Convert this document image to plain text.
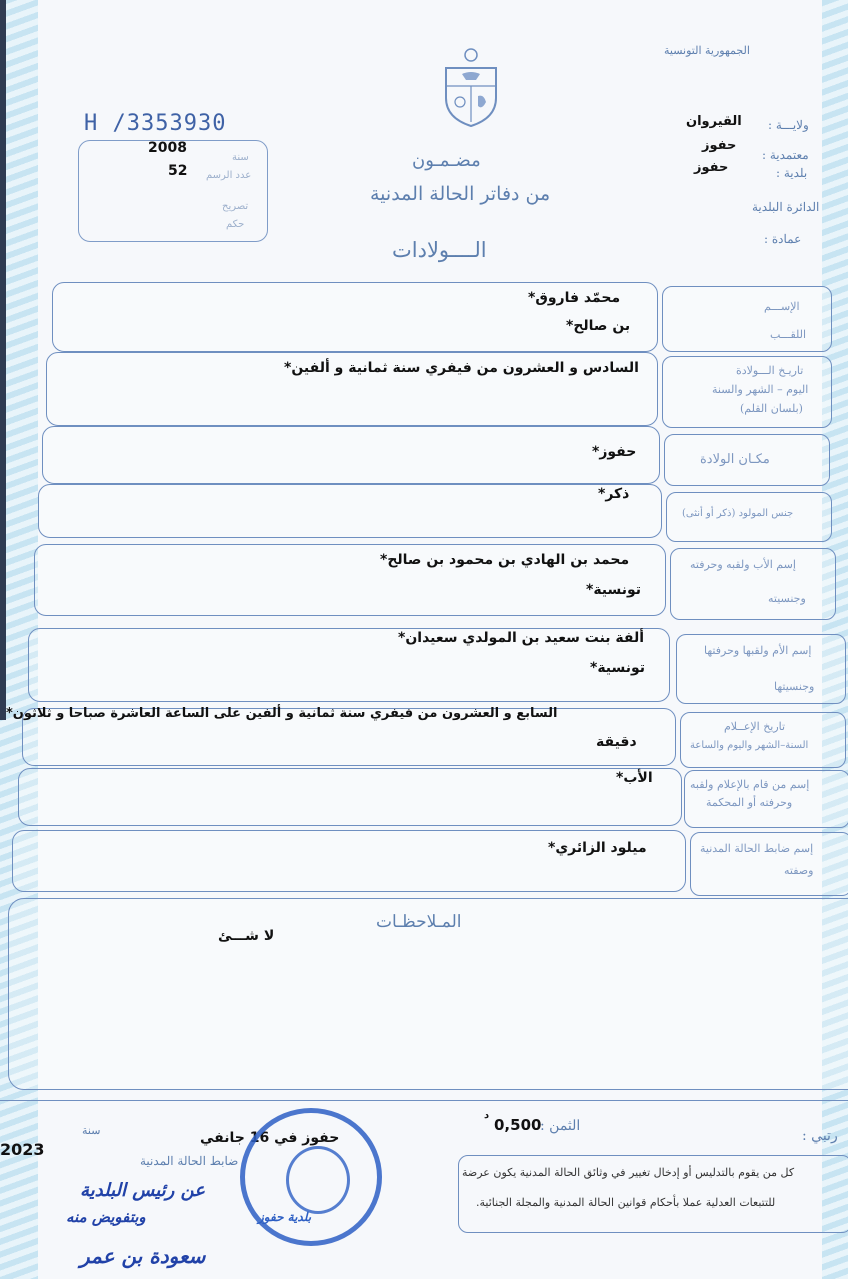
الجمهورية التونسية
H /3353930
2008
52
سنة
عدد الرسم
تصريح
حكم
ولايـــة :
القيروان
معتمدية :
حفوز
بلدية :
حفوز
الدائرة البلدية
عمادة :
مضـمـون
من دفاتر الحالة المدنية
الــــولادات
الإســـم
اللقـــب
محمّد فاروق*
بن صالح*
تاريـخ الـــولادة
اليوم – الشهر والسنة
(بلسان القلم)
السادس و العشرون من فيفري سنة ثمانية و ألفين*
مكـان الولادة
حفوز*
جنس المولود (ذكر أو أنثى)
ذكر*
إسم الأب ولقبه وحرفته
وجنسيته
محمد بن الهادي بن محمود بن صالح*
تونسية*
إسم الأم ولقبها وحرفتها
وجنسيتها
ألفة بنت سعيد بن المولدي سعيدان*
تونسية*
تاريخ الإعــلام
السنة–الشهر واليوم والساعة
السابع و العشرون من فيفري سنة ثمانية و ألفين على الساعة العاشرة صباحا و ثلاثون*
دقيقة
إسم من قام بالإعلام ولقبه
وحرفته أو المحكمة
الأب*
إسم ضابط الحالة المدنية
وصفته
ميلود الزائري*
المـلاحظـات
لا شـــئ
الثمن :
0,500
د
رتبي :
سنة
2023
حفوز في 16 جانفي
ضابط الحالة المدنية
عن رئيس البلدية
وبتفويض منه
سعودة بن عمر
بلدية حفوز
كل من يقوم بالتدليس أو إدخال تغيير في وثائق الحالة المدنية يكون عرضة
للتتبعات العدلية عملا بأحكام قوانين الحالة المدنية والمجلة الجنائية.
